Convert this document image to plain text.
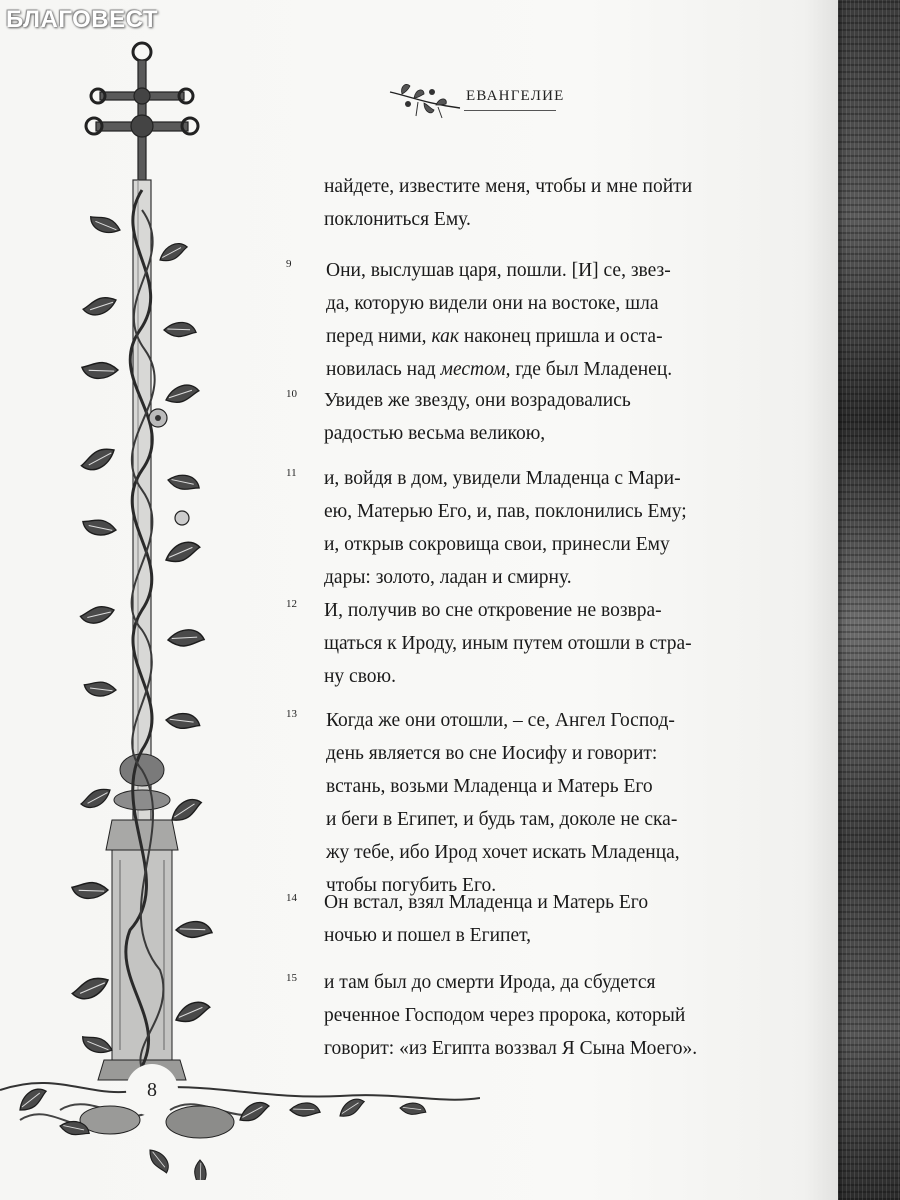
БЛАГОВЕСТ
8
ЕВАНГЕЛИЕ
найдете, известите меня, чтобы и мне пойти
поклониться Ему.
9 Они, выслушав царя, пошли. [И] се, звез-
да, которую видели они на востоке, шла
перед ними, как наконец пришла и оста-
новилась над местом, где был Младенец.
10 Увидев же звезду, они возрадовались
радостью весьма великою,
11 и, войдя в дом, увидели Младенца с Мари-
ею, Матерью Его, и, пав, поклонились Ему;
и, открыв сокровища свои, принесли Ему
дары: золото, ладан и смирну.
12 И, получив во сне откровение не возвра-
щаться к Ироду, иным путем отошли в стра-
ну свою.
13 Когда же они отошли, – се, Ангел Господ-
день является во сне Иосифу и говорит:
встань, возьми Младенца и Матерь Его
и беги в Египет, и будь там, доколе не ска-
жу тебе, ибо Ирод хочет искать Младенца,
чтобы погубить Его.
14 Он встал, взял Младенца и Матерь Его
ночью и пошел в Египет,
15 и там был до смерти Ирода, да сбудется
реченное Господом через пророка, который
говорит: «из Египта воззвал Я Сына Моего».
